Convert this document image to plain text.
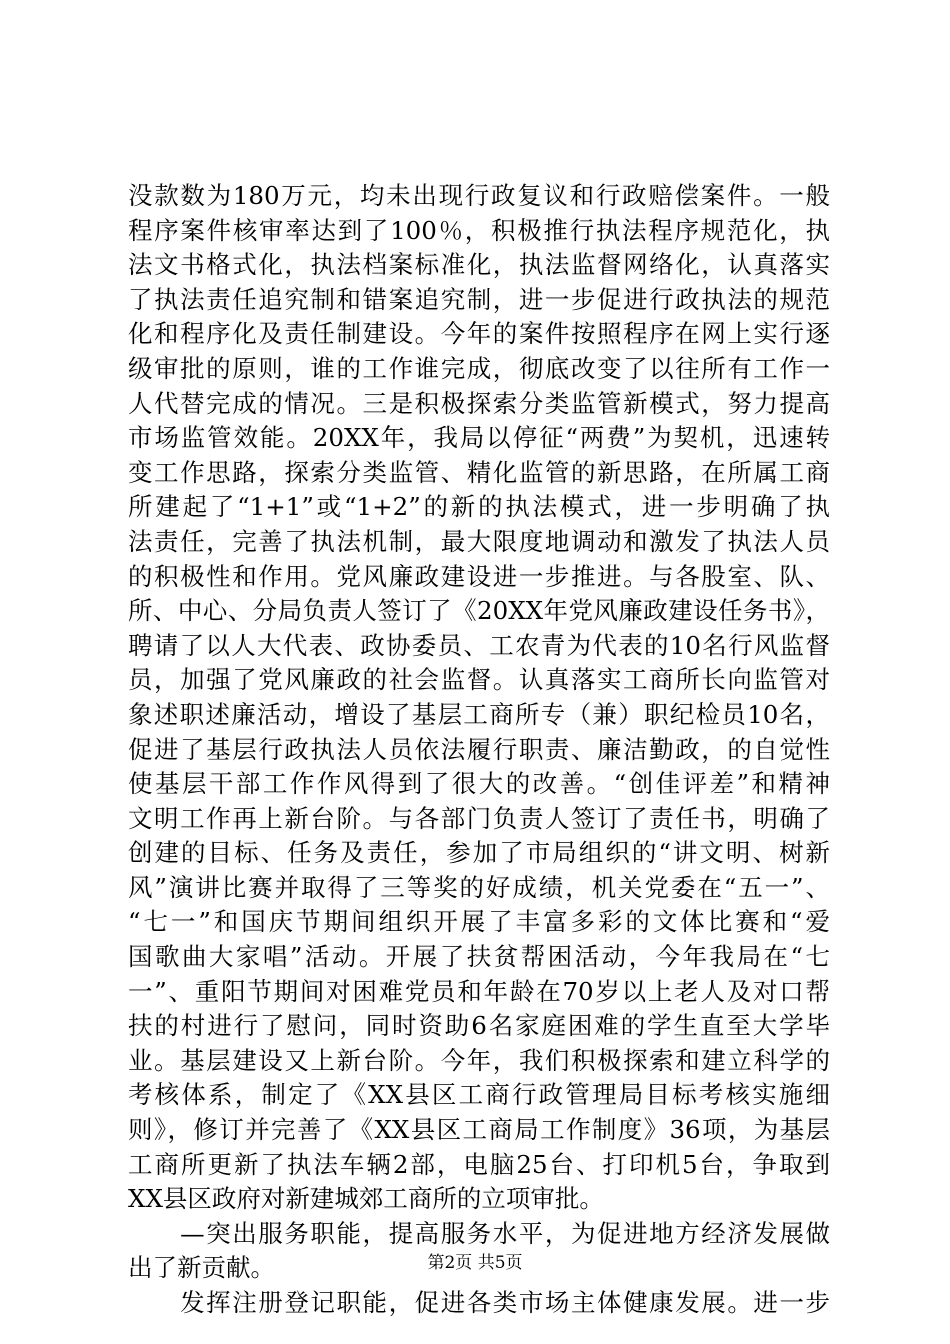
没款数为180万元，均未出现行政复议和行政赔偿案件。一般
程序案件核审率达到了100％，积极推行执法程序规范化，执
法文书格式化，执法档案标准化，执法监督网络化，认真落实
了执法责任追究制和错案追究制，进一步促进行政执法的规范
化和程序化及责任制建设。今年的案件按照程序在网上实行逐
级审批的原则，谁的工作谁完成，彻底改变了以往所有工作一
人代替完成的情况。三是积极探索分类监管新模式，努力提高
市场监管效能。20XX年，我局以停征“两费”为契机，迅速转
变工作思路，探索分类监管、精化监管的新思路，在所属工商
所建起了“1+1”或“1+2”的新的执法模式，进一步明确了执
法责任，完善了执法机制，最大限度地调动和激发了执法人员
的积极性和作用。党风廉政建设进一步推进。与各股室、队、
所、中心、分局负责人签订了《20XX年党风廉政建设任务书》，
聘请了以人大代表、政协委员、工农青为代表的10名行风监督
员，加强了党风廉政的社会监督。认真落实工商所长向监管对
象述职述廉活动，增设了基层工商所专（兼）职纪检员10名，
促进了基层行政执法人员依法履行职责、廉洁勤政，的自觉性
使基层干部工作作风得到了很大的改善。“创佳评差”和精神
文明工作再上新台阶。与各部门负责人签订了责任书，明确了
创建的目标、任务及责任，参加了市局组织的“讲文明、树新
风”演讲比赛并取得了三等奖的好成绩，机关党委在“五一”、
“七一”和国庆节期间组织开展了丰富多彩的文体比赛和“爱
国歌曲大家唱”活动。开展了扶贫帮困活动，今年我局在“七
一”、重阳节期间对困难党员和年龄在70岁以上老人及对口帮
扶的村进行了慰问，同时资助6名家庭困难的学生直至大学毕
业。基层建设又上新台阶。今年，我们积极探索和建立科学的
考核体系，制定了《XX县区工商行政管理局目标考核实施细
则》，修订并完善了《XX县区工商局工作制度》36项，为基层
工商所更新了执法车辆2部，电脑25台、打印机5台，争取到
XX县区政府对新建城郊工商所的立项审批。
　　—突出服务职能，提高服务水平，为促进地方经济发展做
出了新贡献。
　　发挥注册登记职能，促进各类市场主体健康发展。进一步
第2页 共5页
